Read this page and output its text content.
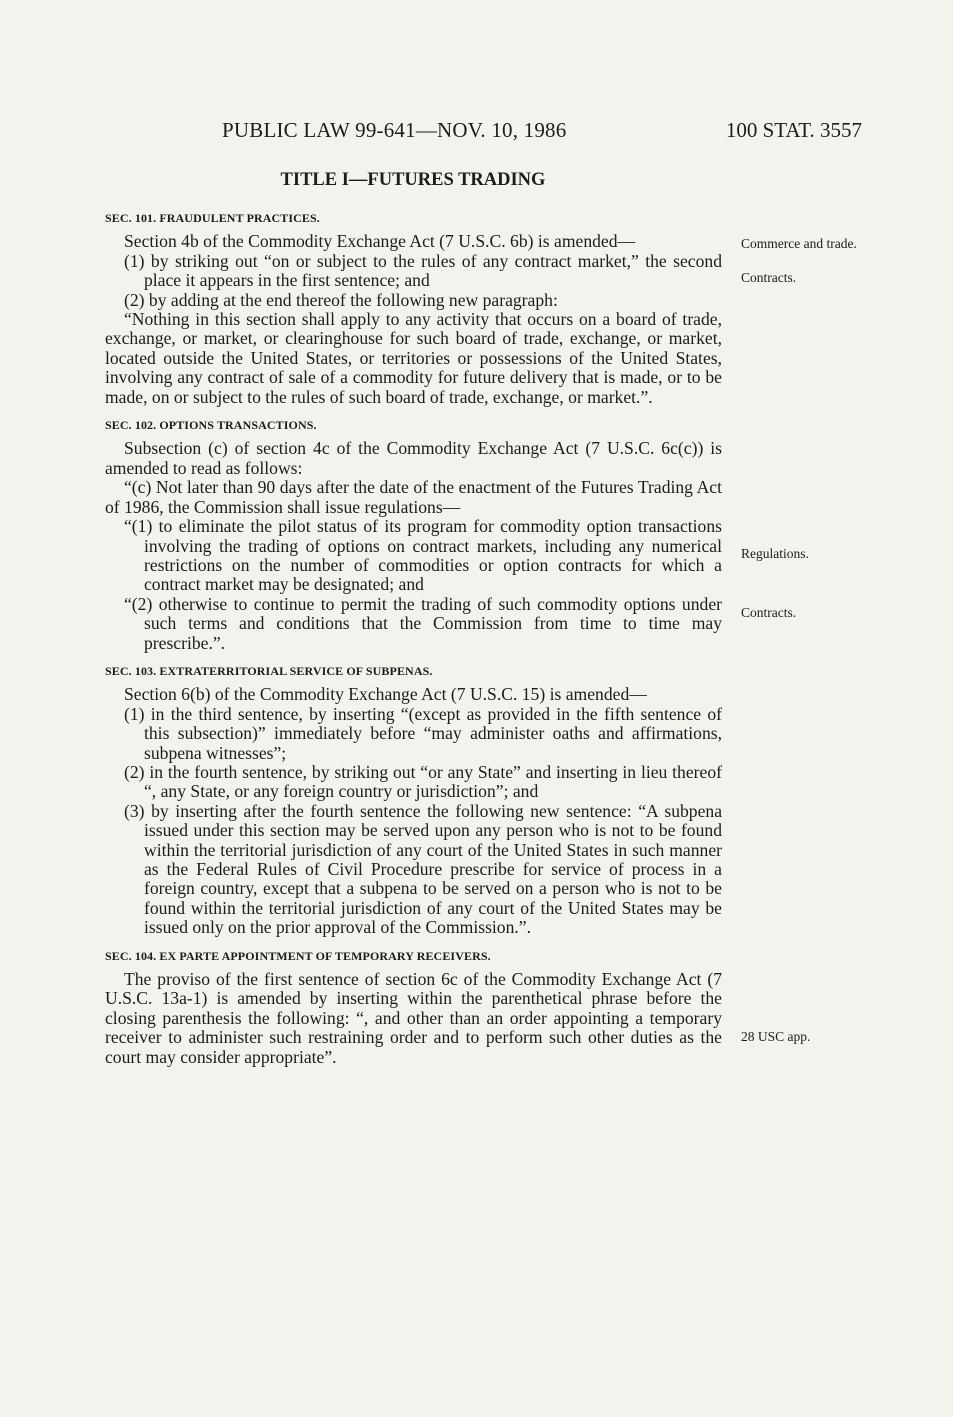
PUBLIC LAW 99-641—NOV. 10, 1986	100 STAT. 3557
TITLE I—FUTURES TRADING
SEC. 101. FRAUDULENT PRACTICES.

Section 4b of the Commodity Exchange Act (7 U.S.C. 6b) is amended—

(1) by striking out “on or subject to the rules of any contract market,” the second place it appears in the first sentence; and

(2) by adding at the end thereof the following new paragraph:

“Nothing in this section shall apply to any activity that occurs on a board of trade, exchange, or market, or clearinghouse for such board of trade, exchange, or market, located outside the United States, or territories or possessions of the United States, involving any contract of sale of a commodity for future delivery that is made, or to be made, on or subject to the rules of such board of trade, exchange, or market.”.

SEC. 102. OPTIONS TRANSACTIONS.

Subsection (c) of section 4c of the Commodity Exchange Act (7 U.S.C. 6c(c)) is amended to read as follows:

“(c) Not later than 90 days after the date of the enactment of the Futures Trading Act of 1986, the Commission shall issue regulations—

“(1) to eliminate the pilot status of its program for commodity option transactions involving the trading of options on contract markets, including any numerical restrictions on the number of commodities or option contracts for which a contract market may be designated; and

“(2) otherwise to continue to permit the trading of such commodity options under such terms and conditions that the Commission from time to time may prescribe.”.

SEC. 103. EXTRATERRITORIAL SERVICE OF SUBPENAS.

Section 6(b) of the Commodity Exchange Act (7 U.S.C. 15) is amended—

(1) in the third sentence, by inserting “(except as provided in the fifth sentence of this subsection)” immediately before “may administer oaths and affirmations, subpena witnesses”;

(2) in the fourth sentence, by striking out “or any State” and inserting in lieu thereof “, any State, or any foreign country or jurisdiction”; and

(3) by inserting after the fourth sentence the following new sentence: “A subpena issued under this section may be served upon any person who is not to be found within the territorial jurisdiction of any court of the United States in such manner as the Federal Rules of Civil Procedure prescribe for service of process in a foreign country, except that a subpena to be served on a person who is not to be found within the territorial jurisdiction of any court of the United States may be issued only on the prior approval of the Commission.”.

SEC. 104. EX PARTE APPOINTMENT OF TEMPORARY RECEIVERS.

The proviso of the first sentence of section 6c of the Commodity Exchange Act (7 U.S.C. 13a-1) is amended by inserting within the parenthetical phrase before the closing parenthesis the following: “, and other than an order appointing a temporary receiver to administer such restraining order and to perform such other duties as the court may consider appropriate”.

Commerce and trade.
Contracts.
Regulations.
Contracts.
28 USC app.
